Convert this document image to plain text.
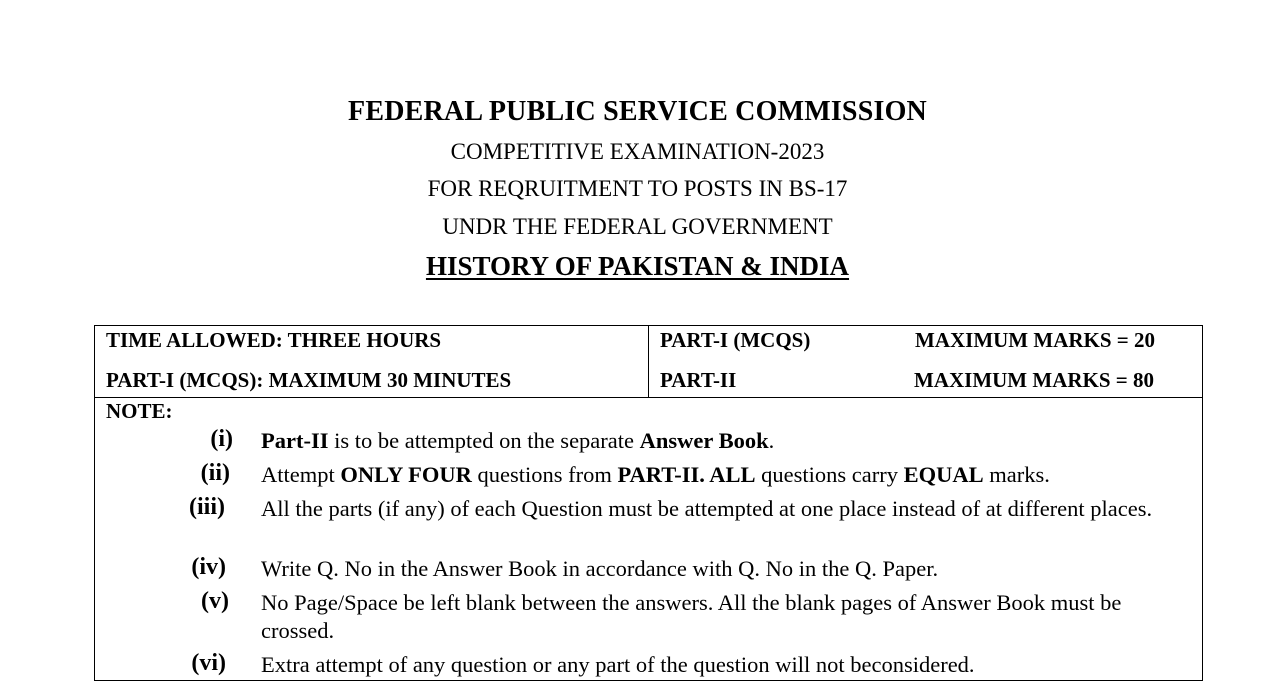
FEDERAL PUBLIC SERVICE COMMISSION
COMPETITIVE EXAMINATION-2023
FOR REQRUITMENT TO POSTS IN BS-17
UNDR THE FEDERAL GOVERNMENT
HISTORY OF PAKISTAN & INDIA
TIME ALLOWED: THREE HOURS
PART-I (MCQS): MAXIMUM 30 MINUTES
PART-I (MCQS)	MAXIMUM MARKS = 20
PART-II	MAXIMUM MARKS = 80
NOTE:
(i) Part-II is to be attempted on the separate Answer Book.
(ii) Attempt ONLY FOUR questions from PART-II. ALL questions carry EQUAL marks.
(iii) All the parts (if any) of each Question must be attempted at one place instead of at different places.
(iv) Write Q. No in the Answer Book in accordance with Q. No in the Q. Paper.
(v) No Page/Space be left blank between the answers. All the blank pages of Answer Book must be crossed.
(vi) Extra attempt of any question or any part of the question will not beconsidered.
